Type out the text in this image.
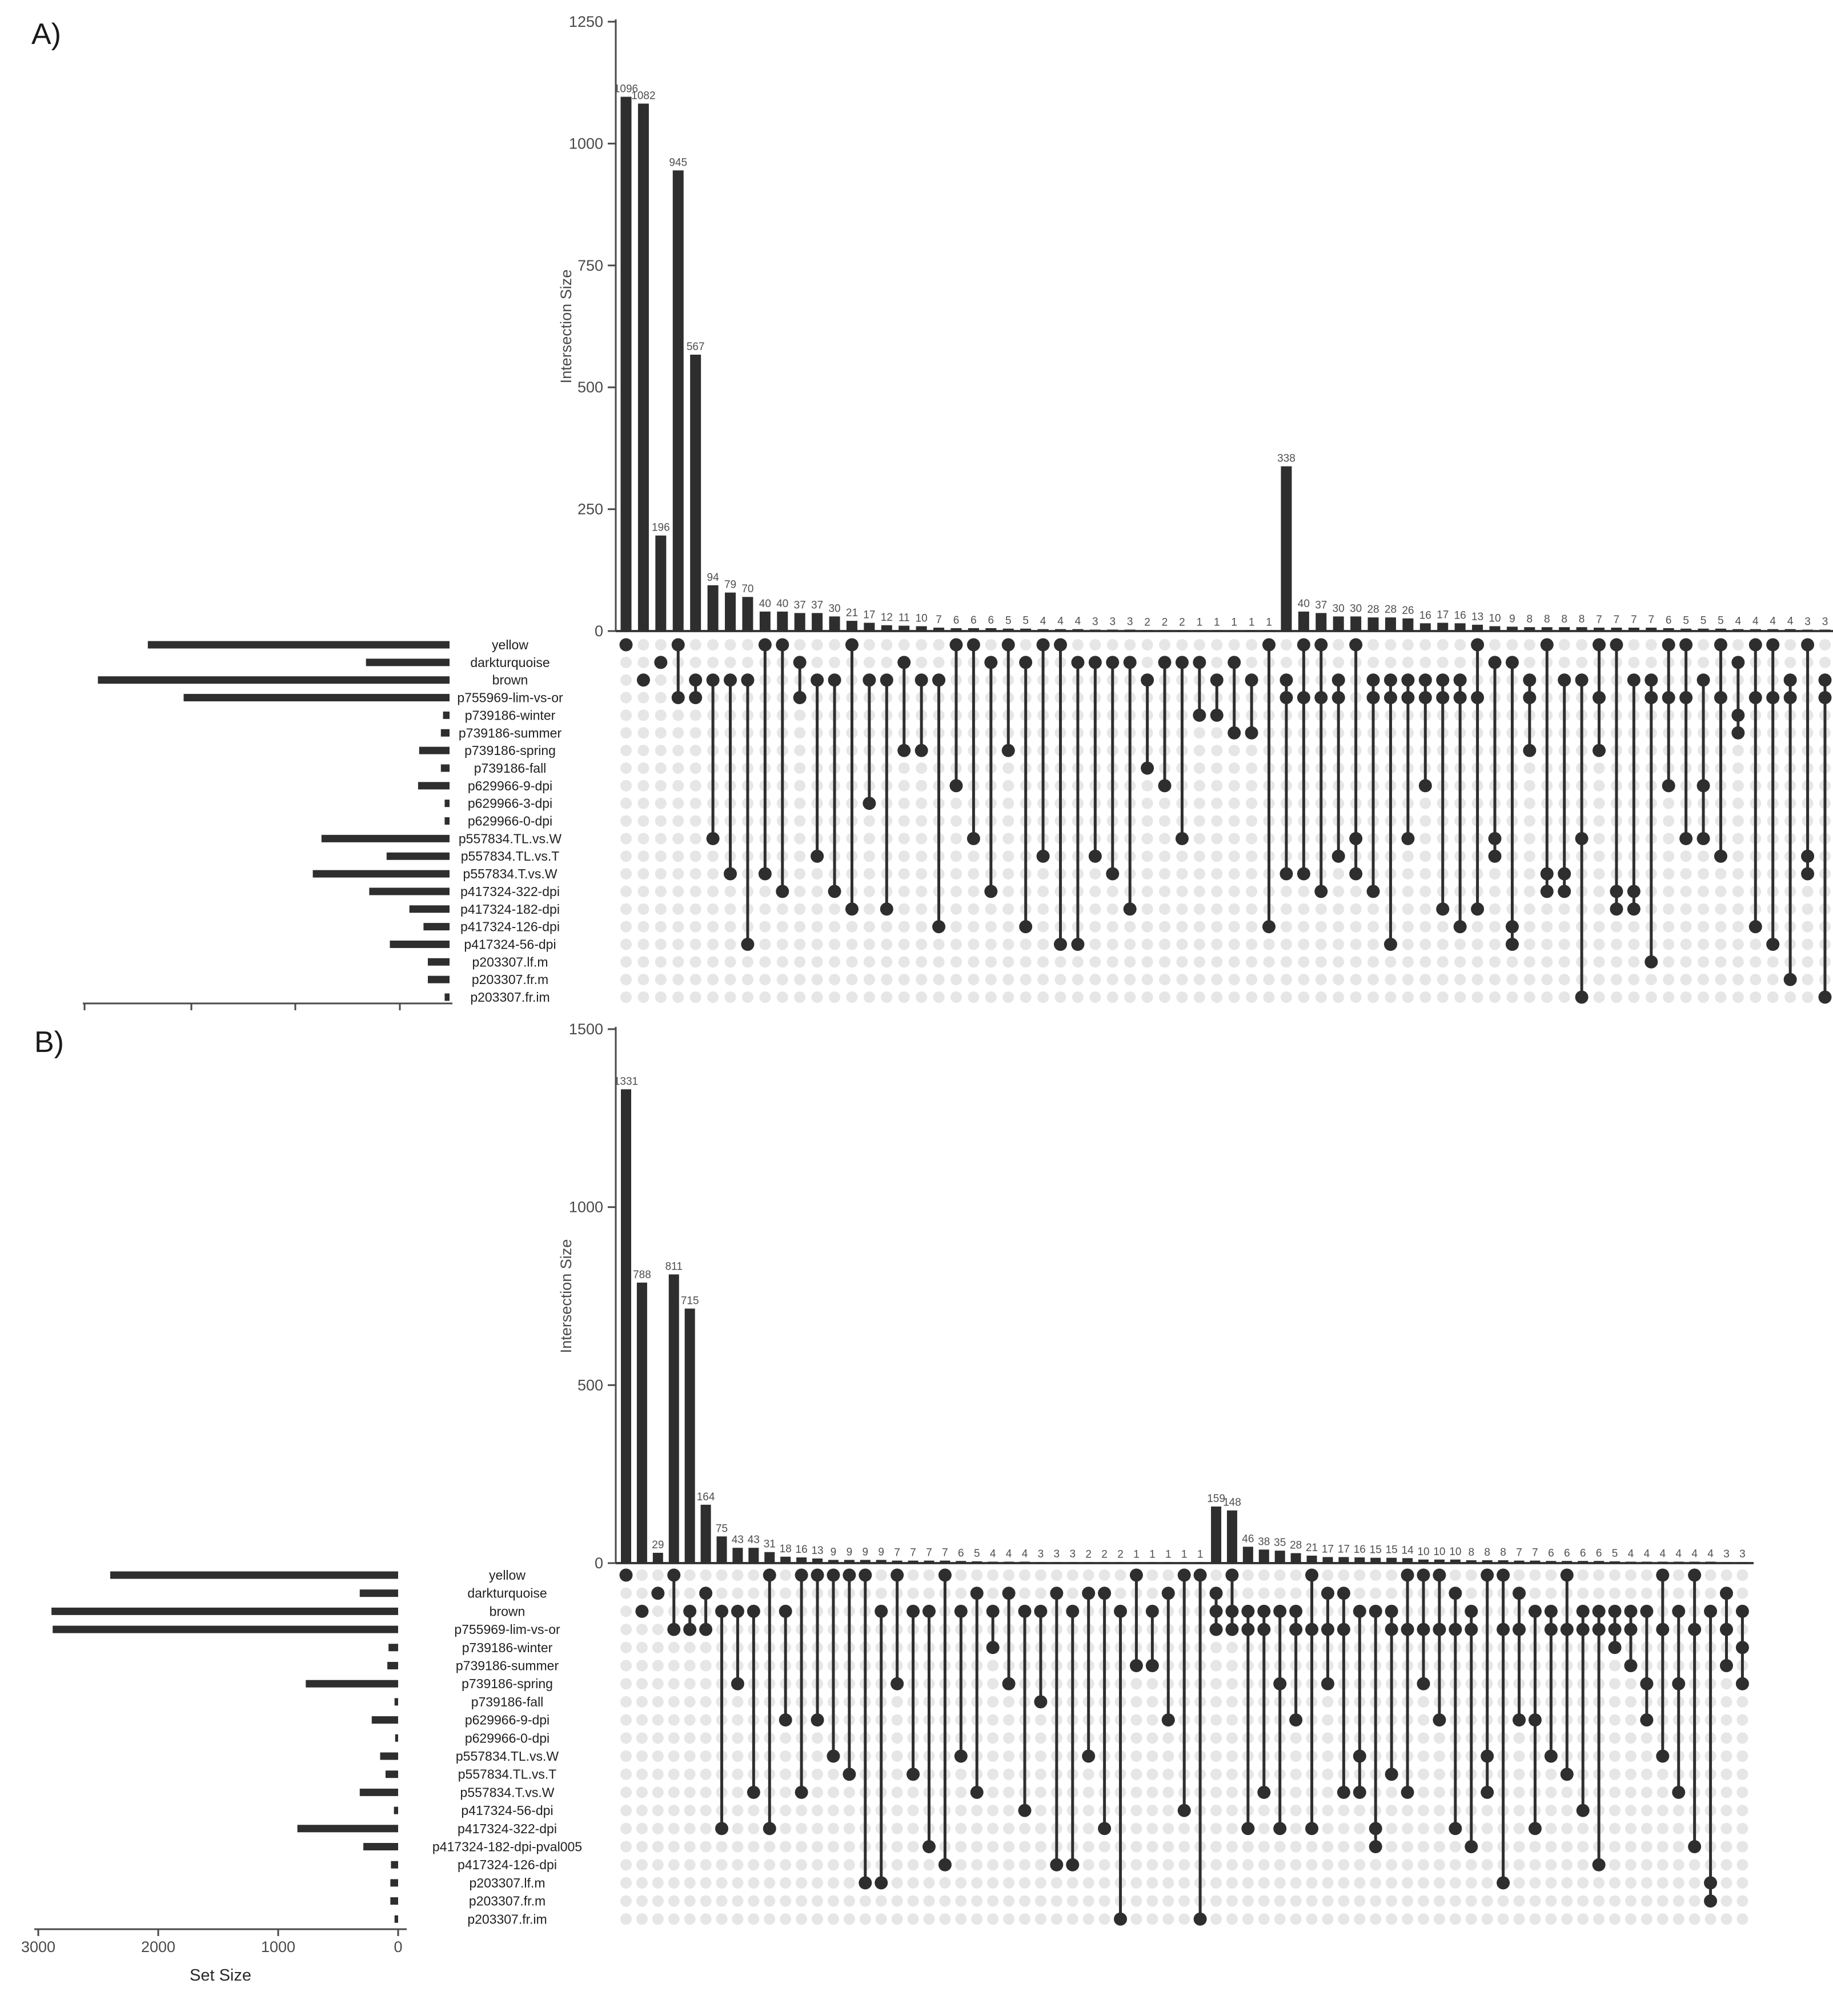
A)
B)
0
250
500
750
1000
1250
Intersection Size
1096
1082
196
945
567
94
79 70
40 40 37 37 30 21 17 12 11 10 7 6 6 6 5 5 4 4 4 3 3 3 2 2 2 1 1 1 1 1
338
40 37 30 30 28 28 26 16 17 16 13 10 9 8 8 8 8 7 7 7 7 6 5 5 5 4 4 4 4 3 3
yellow
darkturquoise
brown
p755969-lim-vs-or
p739186-winter
p739186-summer
p739186-spring
p739186-fall
p629966-9-dpi
p629966-3-dpi
p629966-0-dpi
p557834.TL.vs.W
p557834.TL.vs.T
p557834.T.vs.W
p417324-322-dpi
p417324-182-dpi
p417324-126-dpi
p417324-56-dpi
p203307.lf.m
p203307.fr.m
p203307.fr.im
0
500
1000
1500
Intersection Size
1331
788
29
811
715
164
75
43 43 31 18 16 13 9 9 9 9 7 7 7 7 6 5 4 4 4 3 3 3 2 2 2 1 1 1 1 1
159
148
46 38 35 28 21 17 17 16 15 15 14 10 10 10 8 8 8 7 7 6 6 6 6 5 4 4 4 4 4 4 3 3
yellow
darkturquoise
brown
p755969-lim-vs-or
p739186-winter
p739186-summer
p739186-spring
p739186-fall
p629966-9-dpi
p629966-0-dpi
p557834.TL.vs.W
p557834.TL.vs.T
p557834.T.vs.W
p417324-56-dpi
p417324-322-dpi
p417324-182-dpi-pval005
p417324-126-dpi
p203307.lf.m
p203307.fr.m
p203307.fr.im
3000	2000	1000	0
Set Size
